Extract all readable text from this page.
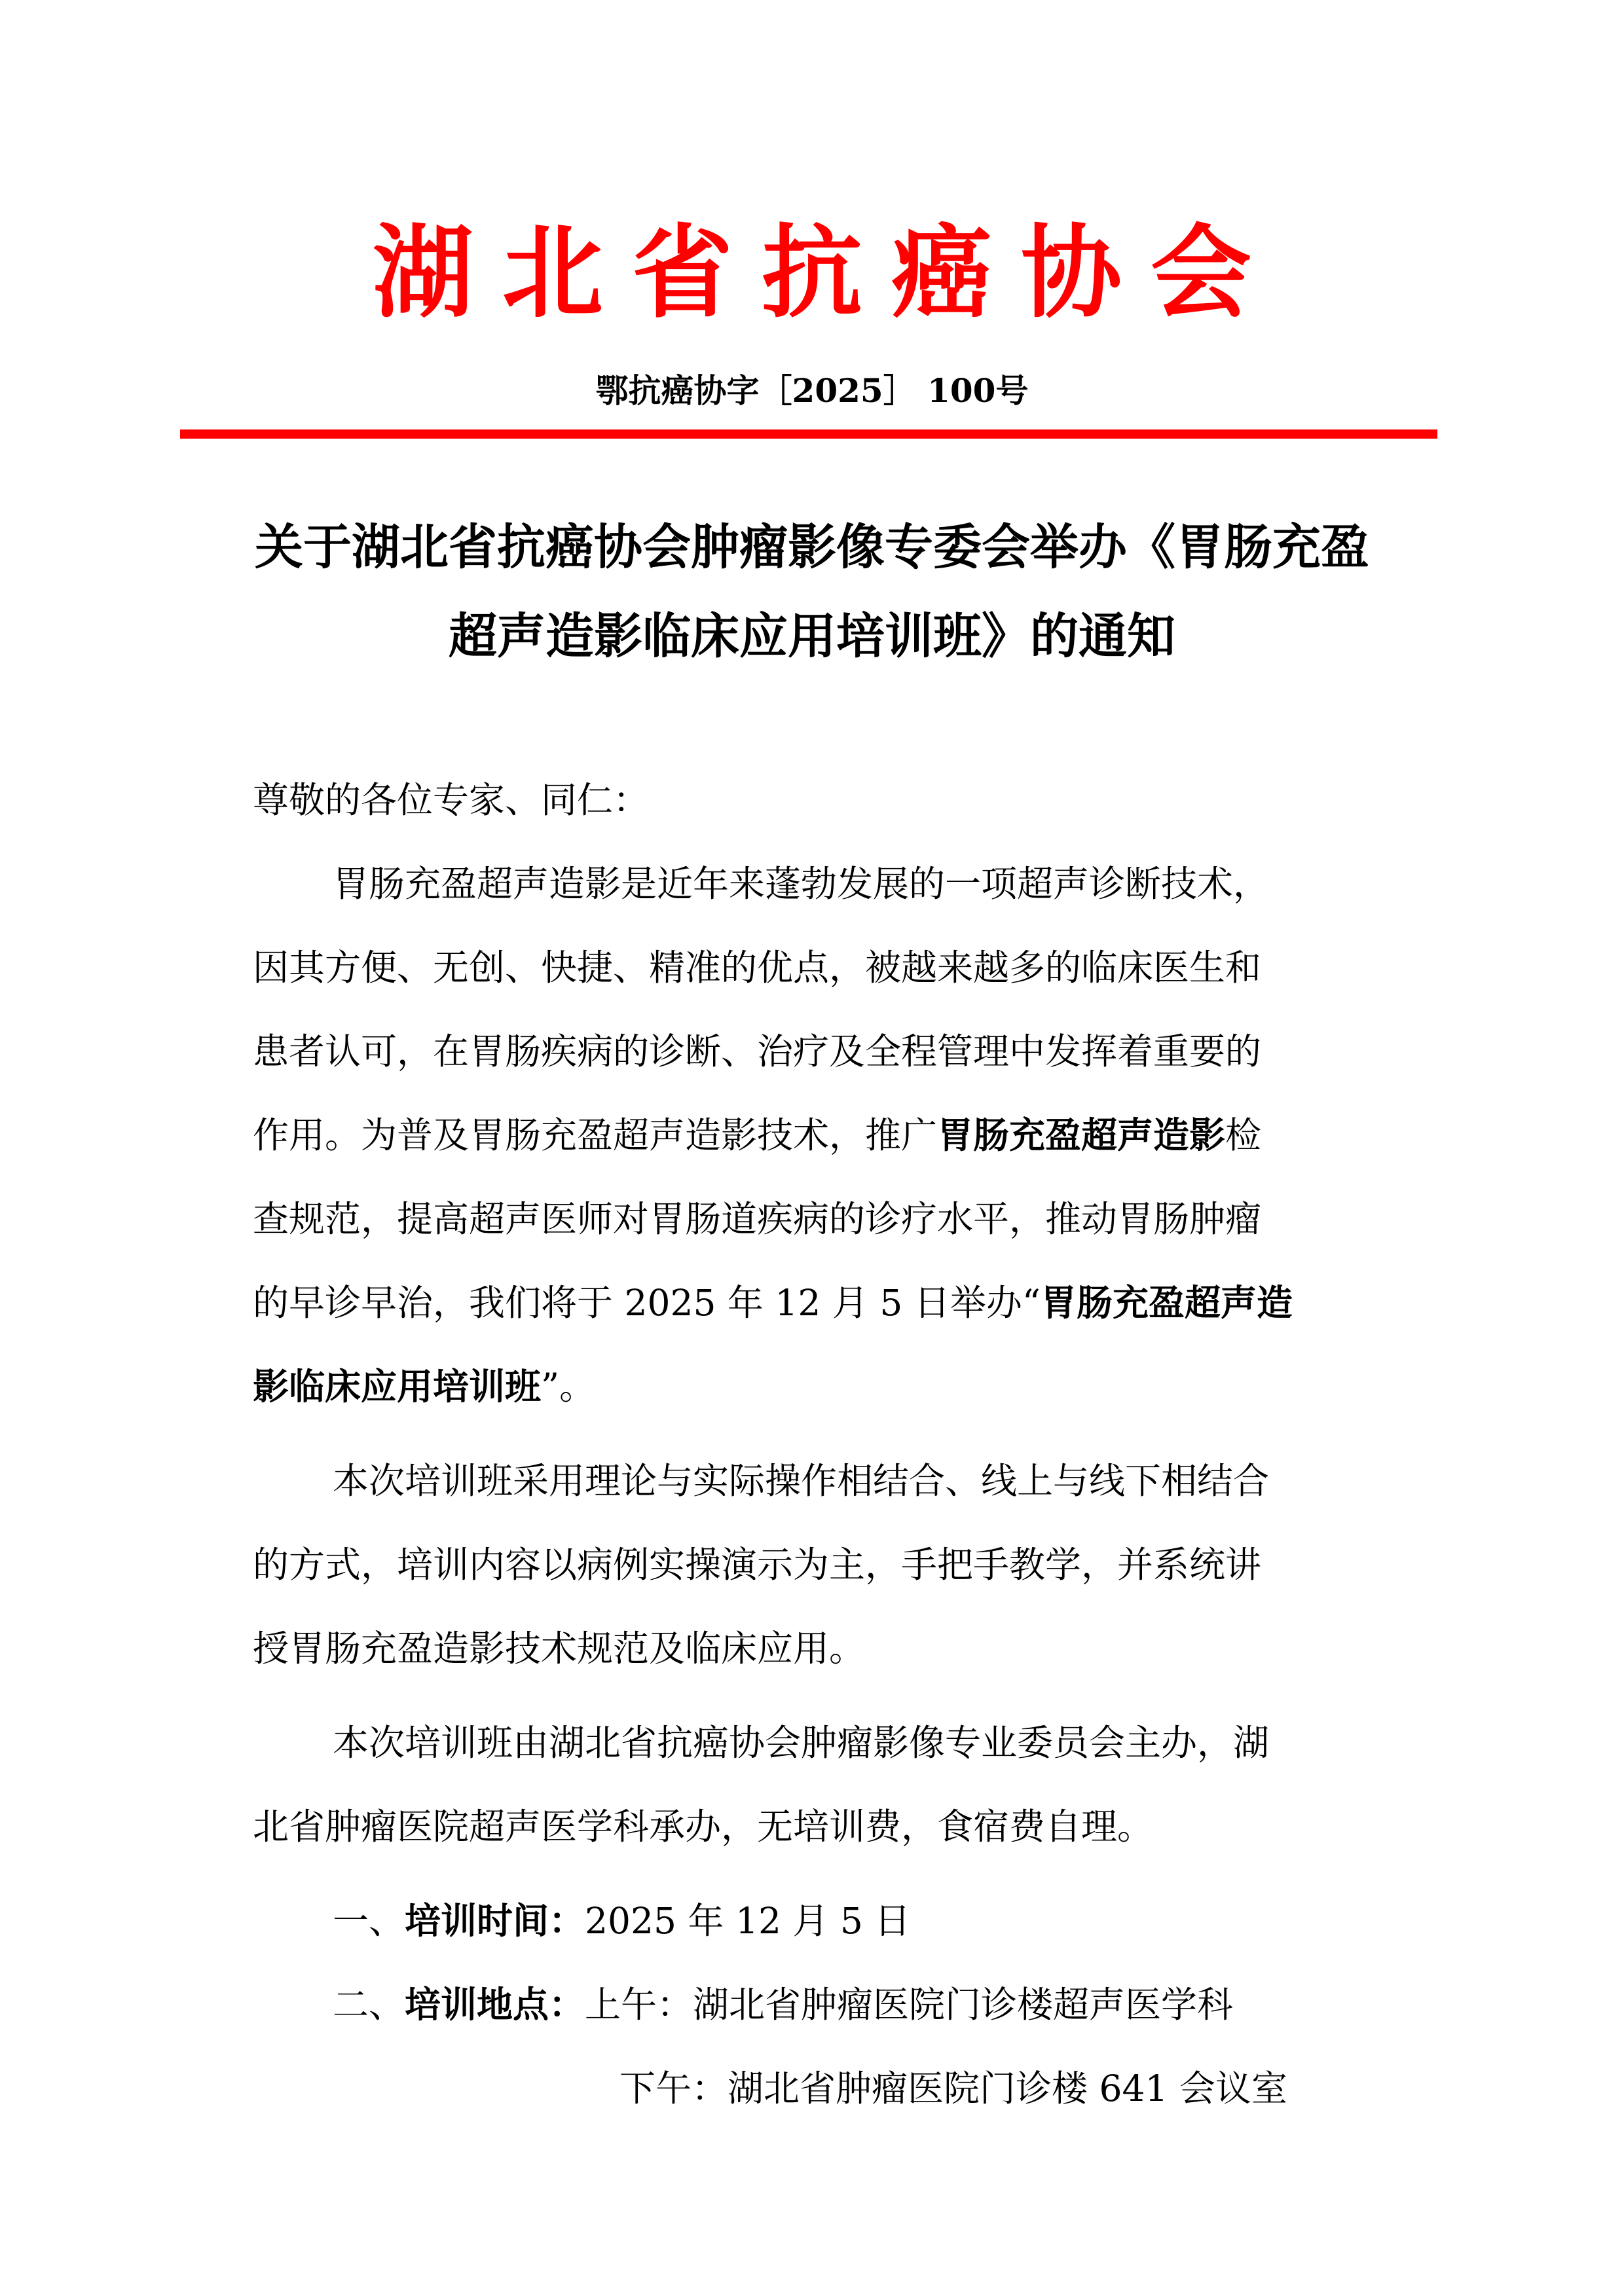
湖北省抗癌协会
鄂抗癌协字［2025］ 100号
关于湖北省抗癌协会肿瘤影像专委会举办《胃肠充盈
超声造影临床应用培训班》的通知
尊敬的各位专家、同仁：
胃肠充盈超声造影是近年来蓬勃发展的一项超声诊断技术，
因其方便、无创、快捷、精准的优点，被越来越多的临床医生和
患者认可，在胃肠疾病的诊断、治疗及全程管理中发挥着重要的
作用。为普及胃肠充盈超声造影技术，推广胃肠充盈超声造影检
查规范，提高超声医师对胃肠道疾病的诊疗水平，推动胃肠肿瘤
的早诊早治，我们将于 2025 年 12 月 5 日举办“胃肠充盈超声造
影临床应用培训班”。
本次培训班采用理论与实际操作相结合、线上与线下相结合
的方式，培训内容以病例实操演示为主，手把手教学，并系统讲
授胃肠充盈造影技术规范及临床应用。
本次培训班由湖北省抗癌协会肿瘤影像专业委员会主办，湖
北省肿瘤医院超声医学科承办，无培训费，食宿费自理。
一、培训时间：2025 年 12 月 5 日
二、培训地点：上午：湖北省肿瘤医院门诊楼超声医学科
下午：湖北省肿瘤医院门诊楼 641 会议室
